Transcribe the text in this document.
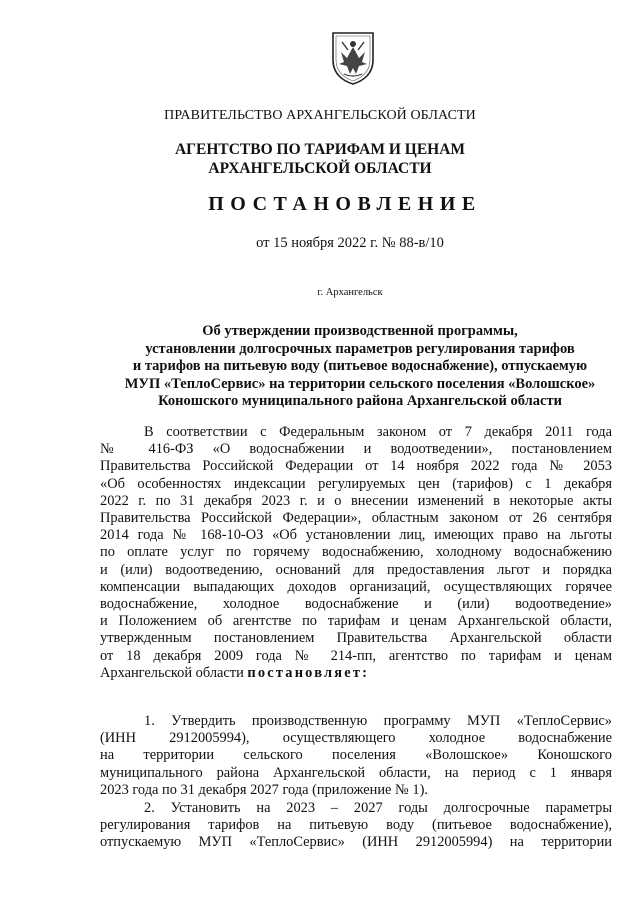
ПРАВИТЕЛЬСТВО АРХАНГЕЛЬСКОЙ ОБЛАСТИ
АГЕНТСТВО ПО ТАРИФАМ И ЦЕНАМ
АРХАНГЕЛЬСКОЙ ОБЛАСТИ
ПОСТАНОВЛЕНИЕ
от 15 ноября 2022 г. № 88-в/10
г. Архангельск
Об утверждении производственной программы,
установлении долгосрочных параметров регулирования тарифов
и тарифов на питьевую воду (питьевое водоснабжение), отпускаемую
МУП «ТеплоСервис» на территории сельского поселения «Волошское»
Коношского муниципального района Архангельской области
В соответствии с Федеральным законом от 7 декабря 2011 года
№ 416-ФЗ «О водоснабжении и водоотведении», постановлением
Правительства Российской Федерации от 14 ноября 2022 года № 2053
«Об особенностях индексации регулируемых цен (тарифов) с 1 декабря
2022 г. по 31 декабря 2023 г. и о внесении изменений в некоторые акты
Правительства Российской Федерации», областным законом от 26 сентября
2014 года № 168-10-ОЗ «Об установлении лиц, имеющих право на льготы
по оплате услуг по горячему водоснабжению, холодному водоснабжению
и (или) водоотведению, оснований для предоставления льгот и порядка
компенсации выпадающих доходов организаций, осуществляющих горячее
водоснабжение, холодное водоснабжение и (или) водоотведение»
и Положением об агентстве по тарифам и ценам Архангельской области,
утвержденным постановлением Правительства Архангельской области
от 18 декабря 2009 года № 214-пп, агентство по тарифам и ценам
Архангельской области постановляет:
1. Утвердить производственную программу МУП «ТеплоСервис»
(ИНН 2912005994), осуществляющего холодное водоснабжение
на территории сельского поселения «Волошское» Коношского
муниципального района Архангельской области, на период с 1 января
2023 года по 31 декабря 2027 года (приложение № 1).
2. Установить на 2023 – 2027 годы долгосрочные параметры
регулирования тарифов на питьевую воду (питьевое водоснабжение),
отпускаемую МУП «ТеплоСервис» (ИНН 2912005994) на территории
